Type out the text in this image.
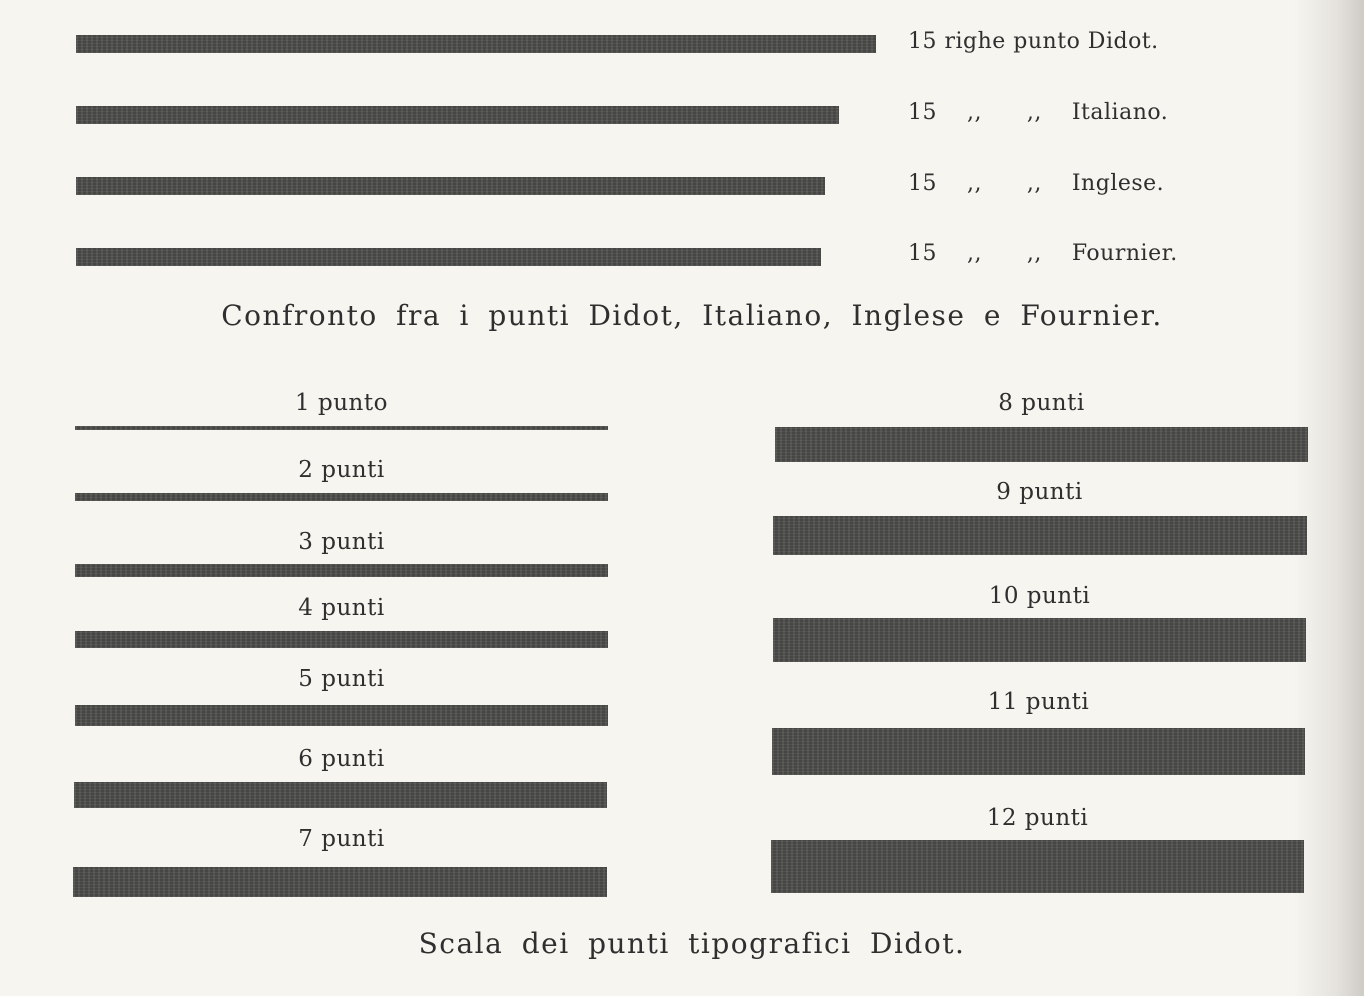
15 righe punto Didot.
15    ,,      ,,    Italiano.
15    ,,      ,,    Inglese.
15    ,,      ,,    Fournier.
Confronto fra i punti Didot, Italiano, Inglese e Fournier.
1 punto
2 punti
3 punti
4 punti
5 punti
6 punti
7 punti
8 punti
9 punti
10 punti
11 punti
12 punti
Scala dei punti tipografici Didot.
